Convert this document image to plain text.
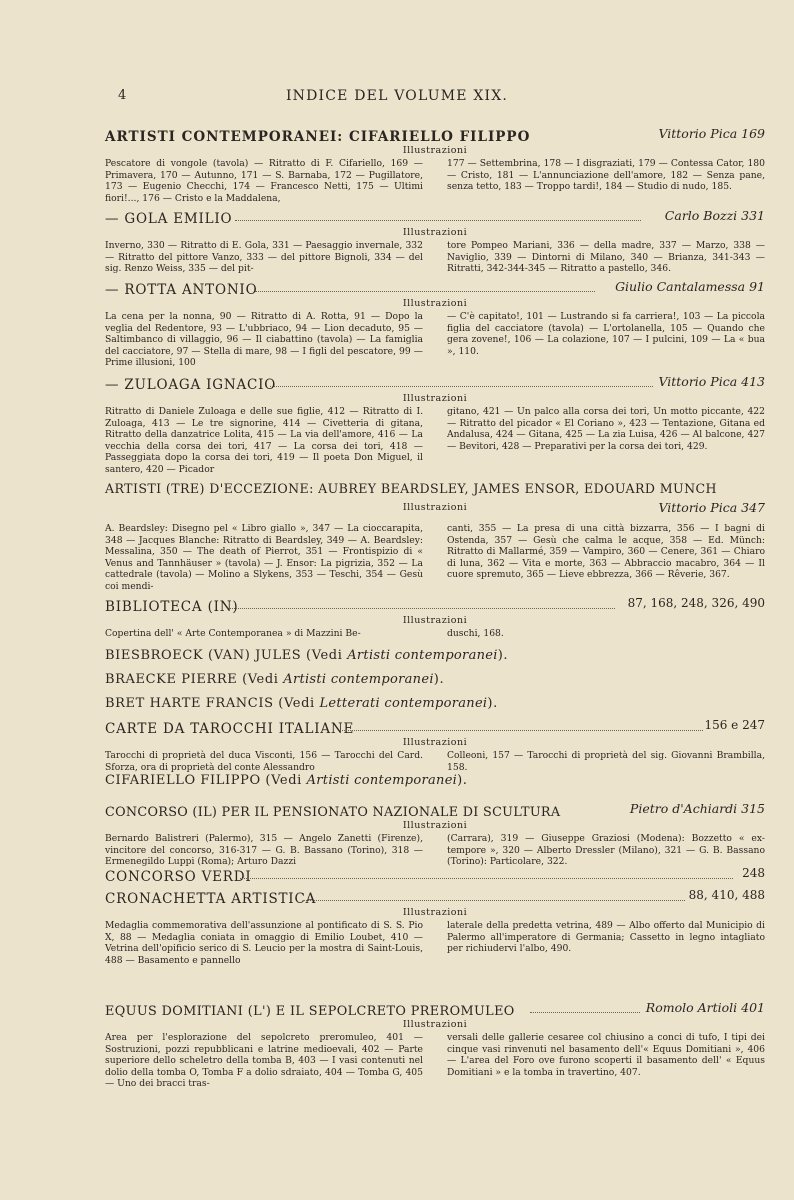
4	INDICE DEL VOLUME XIX.
ARTISTI CONTEMPORANEI: CIFARIELLO FILIPPO	Vittorio Pica 169
Illustrazioni
Pescatore di vongole (tavola) — Ritratto di F. Cifariello, 169 — Primavera, 170 — Autunno, 171 — S. Barnaba, 172 — Pugillatore, 173 — Eugenio Checchi, 174 — Francesco Netti, 175 — Ultimi fiori!..., 176 — Cristo e la Maddalena,
177 — Settembrina, 178 — I disgraziati, 179 — Contessa Cator, 180 — Cristo, 181 — L'annunciazione dell'amore, 182 — Senza pane, senza tetto, 183 — Troppo tardi!, 184 — Studio di nudo, 185.
— GOLA EMILIO	Carlo Bozzi 331
Illustrazioni
Inverno, 330 — Ritratto di E. Gola, 331 — Paesaggio invernale, 332 — Ritratto del pittore Vanzo, 333 — del pittore Bignoli, 334 — del sig. Renzo Weiss, 335 — del pit-
tore Pompeo Mariani, 336 — della madre, 337 — Marzo, 338 — Naviglio, 339 — Dintorni di Milano, 340 — Brianza, 341-343 — Ritratti, 342-344-345 — Ritratto a pastello, 346.
— ROTTA ANTONIO	Giulio Cantalamessa 91
Illustrazioni
La cena per la nonna, 90 — Ritratto di A. Rotta, 91 — Dopo la veglia del Redentore, 93 — L'ubbriaco, 94 — Lion decaduto, 95 — Saltimbanco di villaggio, 96 — Il ciabattino (tavola) — La famiglia del cacciatore, 97 — Stella di mare, 98 — I figli del pescatore, 99 — Prime illusioni, 100
— C'è capitato!, 101 — Lustrando si fa carriera!, 103 — La piccola figlia del cacciatore (tavola) — L'ortolanella, 105 — Quando che gera zovene!, 106 — La colazione, 107 — I pulcini, 109 — La « bua », 110.
— ZULOAGA IGNACIO	Vittorio Pica 413
Illustrazioni
Ritratto di Daniele Zuloaga e delle sue figlie, 412 — Ritratto di I. Zuloaga, 413 — Le tre signorine, 414 — Civetteria di gitana, Ritratto della danzatrice Lolita, 415 — La via dell'amore, 416 — La vecchia della corsa dei tori, 417 — La corsa dei tori, 418 — Passeggiata dopo la corsa dei tori, 419 — Il poeta Don Miguel, il santero, 420 — Picador
gitano, 421 — Un palco alla corsa dei tori, Un motto piccante, 422 — Ritratto del picador « El Coriano », 423 — Tentazione, Gitana ed Andalusa, 424 — Gitana, 425 — La zia Luisa, 426 — Al balcone, 427 — Bevitori, 428 — Preparativi per la corsa dei tori, 429.
ARTISTI (TRE) D'ECCEZIONE: AUBREY BEARDSLEY, JAMES ENSOR, EDOUARD MUNCH
Vittorio Pica 347
Illustrazioni
A. Beardsley: Disegno pel « Libro giallo », 347 — La cioccarapita, 348 — Jacques Blanche: Ritratto di Beardsley, 349 — A. Beardsley: Messalina, 350 — The death of Pierrot, 351 — Frontispizio di « Venus and Tannhäuser » (tavola) — J. Ensor: La pigrizia, 352 — La cattedrale (tavola) — Molino a Slykens, 353 — Teschi, 354 — Gesù coi mendi-
canti, 355 — La presa di una città bizzarra, 356 — I bagni di Ostenda, 357 — Gesù che calma le acque, 358 — Ed. Münch: Ritratto di Mallarmé, 359 — Vampiro, 360 — Cenere, 361 — Chiaro di luna, 362 — Vita e morte, 363 — Abbraccio macabro, 364 — Il cuore spremuto, 365 — Lieve ebbrezza, 366 — Rêverie, 367.
BIBLIOTECA (IN)	87, 168, 248, 326, 490
Illustrazioni
Copertina dell' « Arte Contemporanea » di Mazzini Be-	duschi, 168.
BIESBROECK (VAN) JULES (Vedi Artisti contemporanei).
BRAECKE PIERRE (Vedi Artisti contemporanei).
BRET HARTE FRANCIS (Vedi Letterati contemporanei).
CARTE DA TAROCCHI ITALIANE	156 e 247
Illustrazioni
Tarocchi di proprietà del duca Visconti, 156 — Tarocchi del Card. Sforza, ora di proprietà del conte Alessandro
Colleoni, 157 — Tarocchi di proprietà del sig. Giovanni Brambilla, 158.
CIFARIELLO FILIPPO (Vedi Artisti contemporanei).
CONCORSO (IL) PER IL PENSIONATO NAZIONALE DI SCULTURA	Pietro d'Achiardi 315
Illustrazioni
Bernardo Balistreri (Palermo), 315 — Angelo Zanetti (Firenze), vincitore del concorso, 316-317 — G. B. Bassano (Torino), 318 — Ermenegildo Luppi (Roma); Arturo Dazzi
(Carrara), 319 — Giuseppe Graziosi (Modena): Bozzetto « ex-tempore », 320 — Alberto Dressler (Milano), 321 — G. B. Bassano (Torino): Particolare, 322.
CONCORSO VERDI	248
CRONACHETTA ARTISTICA	88, 410, 488
Illustrazioni
Medaglia commemorativa dell'assunzione al pontificato di S. S. Pio X, 88 — Medaglia coniata in omaggio di Emilio Loubet, 410 — Vetrina dell'opificio serico di S. Leucio per la mostra di Saint-Louis, 488 — Basamento e pannello
laterale della predetta vetrina, 489 — Albo offerto dal Municipio di Palermo all'imperatore di Germania; Cassetto in legno intagliato per richiudervi l'albo, 490.
EQUUS DOMITIANI (L') E IL SEPOLCRETO PREROMULEO	Romolo Artioli 401
Illustrazioni
Area per l'esplorazione del sepolcreto preromuleo, 401 — Sostruzioni, pozzi repubblicani e latrine medioevali, 402 — Parte superiore dello scheletro della tomba B, 403 — I vasi contenuti nel dolio della tomba O, Tomba F a dolio sdraiato, 404 — Tomba G, 405 — Uno dei bracci tras-
versali delle gallerie cesaree col chiusino a conci di tufo, I tipi dei cinque vasi rinvenuti nel basamento dell'« Equus Domitiani », 406 — L'area del Foro ove furono scoperti il basamento dell' « Equus Domitiani » e la tomba in travertino, 407.
